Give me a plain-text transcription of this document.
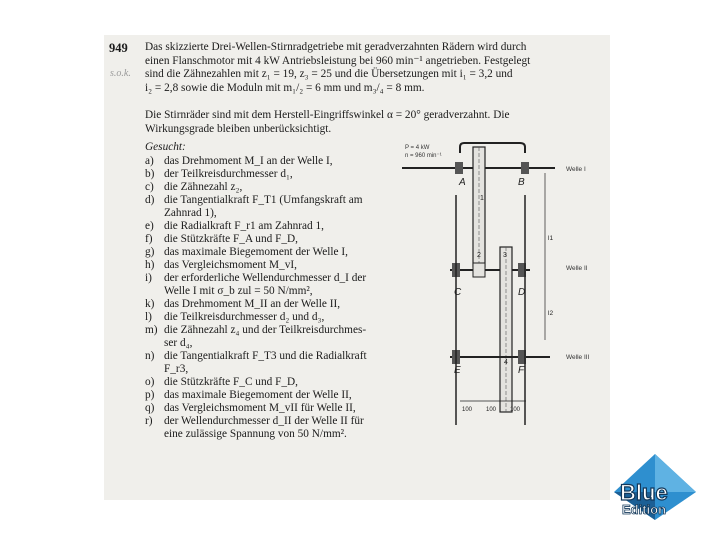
949
s.o.k.
Das skizzierte Drei-Wellen-Stirnradgetriebe mit geradverzahnten Rädern wird durch
einen Flanschmotor mit 4 kW Antriebsleistung bei 960 min⁻¹ angetrieben. Festgelegt
sind die Zähnezahlen mit z₁ = 19, z₃ = 25 und die Übersetzungen mit i₁ = 3,2 und
i₂ = 2,8 sowie die Moduln mit m₁/₂ = 6 mm und m₃/₄ = 8 mm.
Die Stirnräder sind mit dem Herstell-Eingriffswinkel α = 20° geradverzahnt. Die
Wirkungsgrade bleiben unberücksichtigt.
Gesucht:
a) das Drehmoment M_I an der Welle I,
b) der Teilkreisdurchmesser d₁,
c) die Zähnezahl z₂,
d) die Tangentialkraft F_T1 (Umfangskraft am
Zahnrad 1),
e) die Radialkraft F_r1 am Zahnrad 1,
f)	die Stützkräfte F_A und F_D,
g) das maximale Biegemoment der Welle I,
h) das Vergleichsmoment M_vI,
i)	der erforderliche Wellendurchmesser d_I der
Welle I mit σ_b zul = 50 N/mm²,
k) das Drehmoment M_II an der Welle II,
l)	die Teilkreisdurchmesser d₂ und d₃,
m) die Zähnezahl z₄ und der Teilkreisdurchmes-
ser d₄,
n) die Tangentialkraft F_T3 und die Radialkraft
F_r3,
o) die Stützkräfte F_C und F_D,
p) das maximale Biegemoment der Welle II,
q) das Vergleichsmoment M_vII für Welle II,
r)	der Wellendurchmesser d_II der Welle II für
eine zulässige Spannung von 50 N/mm².
P = 4 kW
n = 960 min⁻¹
A	B
C	D
2	3
E	F
4
1
Welle I
Welle II
Welle III
l1
l2
100 100 100
Blue
Edition
